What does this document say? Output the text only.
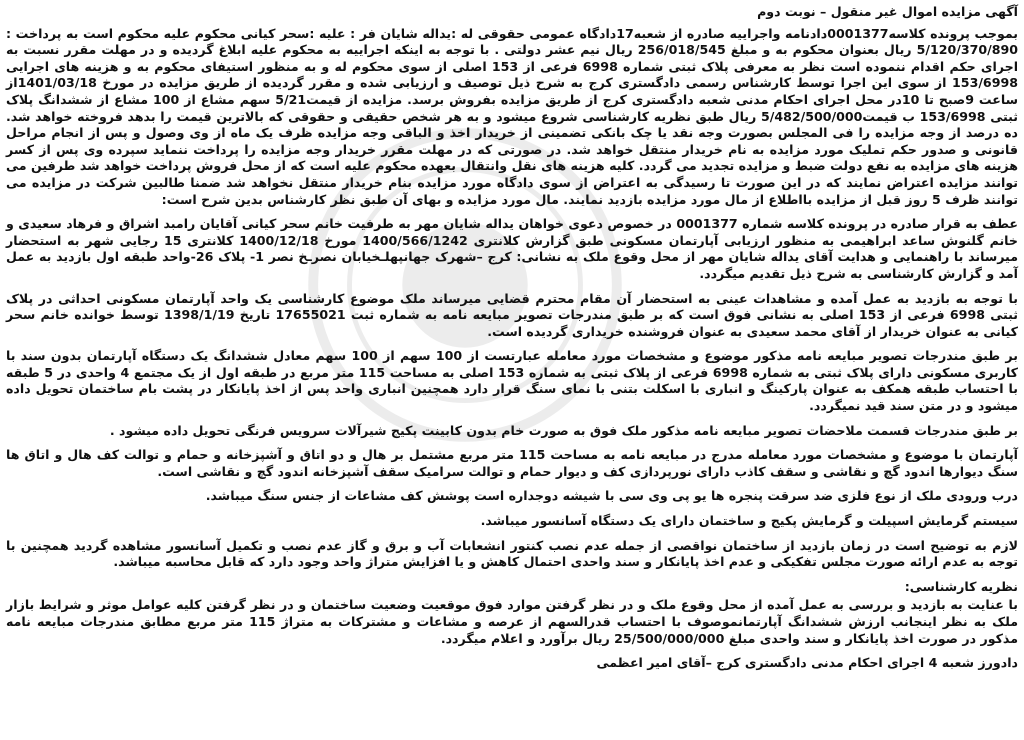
آگهی مزایده اموال غیر منقول – نوبت دوم
بموجب پرونده کلاسه0001377دادنامه واجراییه صادره از شعبه17دادگاه عمومی حقوقی له :یداله شایان فر : علیه :سحر کیانی محکوم علیه محکوم است به پرداخت : 5/120/370/890 ریال بعنوان محکوم به و مبلغ 256/018/545 ریال نیم عشر دولتی . با توجه به اینکه اجراییه به محکوم علیه ابلاغ گردیده و در مهلت مقرر نسبت به اجرای حکم اقدام ننموده است نظر به معرفی پلاک ثبتی شماره 6998 فرعی از 153 اصلی از سوی محکوم له و به منظور استیفای محکوم به و هزینه های اجرایی 153/6998 از سوی این اجرا توسط کارشناس رسمی دادگستری کرج به شرح ذیل توصیف و ارزیابی شده و مقرر گردیده از طریق مزایده در مورخ 1401/03/18از ساعت 9صبح تا 10در محل اجرای احکام مدنی شعبه دادگستری کرج از طریق مزایده بفروش برسد. مزایده از قیمت5/21 سهم مشاع از 100 مشاع از ششدانگ پلاک ثبتی 153/6998 ب قیمت5/482/500/000 ریال طبق نظریه کارشناسی شروع میشود و به هر شخص حقیقی و حقوقی که بالاترین قیمت را بدهد فروخته خواهد شد. ده درصد از وجه مزایده را فی المجلس بصورت وجه نقد یا چک بانکی تضمینی از خریدار اخذ و الباقی وجه مزایده ظرف یک ماه از وی وصول و پس از انجام مراحل قانونی و صدور حکم تملیک مورد مزایده به نام خریدار منتقل خواهد شد. در صورتی که در مهلت مقرر خریدار وجه مزایده را پرداخت ننماید سپرده وی پس از کسر هزینه های مزایده به نفع دولت ضبط و مزایده تجدید می گردد. کلیه هزینه های نقل وانتقال بعهده محکوم علیه است که از محل فروش پرداخت خواهد شد طرفین می توانند مزایده اعتراض نمایند که در این صورت تا رسیدگی به اعتراض از سوی دادگاه مورد مزایده بنام خریدار منتقل نخواهد شد ضمنا طالبین شرکت در مزایده می توانند ظرف 5 روز قبل از مزایده بااطلاع از مال مورد مزایده بازدید نمایند. مال مورد مزایده و بهای آن طبق نظر کارشناس بدین شرح است:
عطف به قرار صادره در پرونده کلاسه شماره 0001377 در خصوص دعوی خواهان یداله شایان مهر به طرفیت خانم سحر کیانی آقایان رامبد اشراق و فرهاد سعیدی و خانم گلنوش ساعد ابراهیمی به منظور ارزیابی آپارتمان مسکونی طبق گزارش کلانتری 1400/566/1242 مورخ 1400/12/18 کلانتری 15 رجایی شهر به استحضار میرساند با راهنمایی و هدایت آقای یداله شایان مهر از محل وقوع ملک به نشانی: کرج –شهرک جهانپهلـخیابان نصرـخ نصر 1- پلاک 26-واحد طبقه اول بازدید به عمل آمد و گزارش کارشناسی به شرح ذیل تقدیم میگردد.
با توجه به بازدید به عمل آمده و مشاهدات عینی به استحضار آن مقام محترم قضایی میرساند ملک موضوع کارشناسی یک واحد آپارتمان مسکونی احداثی در پلاک ثبتی 6998 فرعی از 153 اصلی به نشانی فوق است که بر طبق مندرجات تصویر مبایعه نامه به شماره ثبت 17655021 تاریخ 1398/1/19 توسط خوانده خانم سحر کیانی به عنوان خریدار از آقای محمد سعیدی به عنوان فروشنده خریداری گردیده است.
بر طبق مندرجات تصویر مبایعه نامه مذکور موضوع و مشخصات مورد معامله عبارتست از 100 سهم از 100 سهم معادل ششدانگ یک دستگاه آپارتمان بدون سند با کاربری مسکونی دارای پلاک ثبتی به شماره 6998 فرعی از پلاک ثبتی به شماره 153 اصلی به مساحت 115 متر مربع در طبقه اول از یک مجتمع 4 واحدی در 5 طبقه با احتساب طبقه همکف به عنوان پارکینگ و انباری با اسکلت بتنی با نمای سنگ قرار دارد همچنین انباری واحد پس از اخذ پایانکار در پشت بام ساختمان تحویل داده میشود و در متن سند قید نمیگردد.
بر طبق مندرجات قسمت ملاحضات تصویر مبایعه نامه مذکور ملک فوق به صورت خام بدون کابینت پکیج شیرآلات سرویس فرنگی تحویل داده میشود .
آپارتمان با موضوع و مشخصات مورد معامله مدرج در مبایعه نامه به مساحت 115 متر مربع مشتمل بر هال و دو اتاق و آشپزخانه و حمام و توالت کف هال و اتاق ها سنگ دیوارها اندود گچ و نقاشی و سقف کاذب دارای نورپردازی کف و دیوار حمام و توالت سرامیک سقف آشپزخانه اندود گچ و نقاشی است.
درب ورودی ملک از نوع فلزی ضد سرقت پنجره ها یو پی وی سی با شیشه دوجداره است پوشش کف مشاعات از جنس سنگ میباشد.
سیستم گرمایش اسپیلت و گرمایش پکیج و ساختمان دارای یک دستگاه آسانسور میباشد.
لازم به توضیح است در زمان بازدید از ساختمان نواقصی از جمله عدم نصب کنتور انشعابات آب و برق و گاز عدم نصب و تکمیل آسانسور مشاهده گردید همچنین با توجه به عدم ارائه صورت مجلس تفکیکی و عدم اخذ پایانکار و سند واحدی احتمال کاهش و یا افزایش متراژ واحد وجود دارد که قابل محاسبه میباشد.
نظریه کارشناسی:
با عنایت به بازدید و بررسی به عمل آمده از محل وقوع ملک و در نظر گرفتن موارد فوق موقعیت وضعیت ساختمان و در نظر گرفتن کلیه عوامل موثر و شرایط بازار ملک به نظر اینجانب ارزش ششدانگ آپارتمانموصوف با احتساب قدرالسهم از عرصه و مشاعات و مشترکات به متراژ 115 متر مربع مطابق مندرجات مبایعه نامه مذکور در صورت اخذ پایانکار و سند واحدی مبلغ 25/500/000/000 ریال برآورد و اعلام میگردد.
دادورز شعبه 4 اجرای احکام مدنی دادگستری کرج –آقای امیر اعظمی
